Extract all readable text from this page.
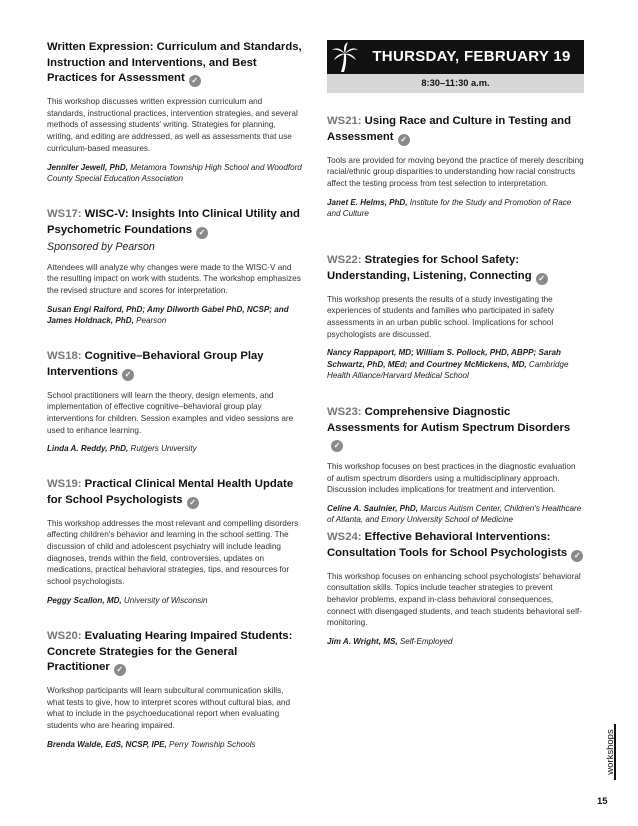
Written Expression: Curriculum and Standards, Instruction and Interventions, and Best Practices for Assessment ✓
This workshop discusses written expression curriculum and standards, instructional practices, intervention strategies, and several methods of assessing students' writing. Strategies for planning, writing, and editing are addressed, as well as assessments that use curriculum-based measures.
Jennifer Jewell, PhD, Metamora Township High School and Woodford County Special Education Association
WS17: WISC-V: Insights Into Clinical Utility and Psychometric Foundations ✓
Sponsored by Pearson
Attendees will analyze why changes were made to the WISC-V and the resulting impact on work with students. The workshop emphasizes the revised structure and scores for interpretation.
Susan Engi Raiford, PhD; Amy Dilworth Gabel PhD, NCSP; and James Holdnack, PhD, Pearson
WS18: Cognitive–Behavioral Group Play Interventions ✓
School practitioners will learn the theory, design elements, and implementation of effective cognitive–behavioral group play interventions for children. Session examples and video sessions are used to enhance learning.
Linda A. Reddy, PhD, Rutgers University
WS19: Practical Clinical Mental Health Update for School Psychologists ✓
This workshop addresses the most relevant and compelling disorders affecting children's behavior and learning in the school setting. The discussion of child and adolescent psychiatry will include leading diagnoses, trends within the field, controversies, updates on medications, practical behavioral strategies, tips, and resources for school psychologists.
Peggy Scallon, MD, University of Wisconsin
WS20: Evaluating Hearing Impaired Students: Concrete Strategies for the General Practitioner ✓
Workshop participants will learn subcultural communication skills, what tests to give, how to interpret scores without cultural bias, and what to include in the psychoeducational report when evaluating students who are hearing impaired.
Brenda Walde, EdS, NCSP, IPE, Perry Township Schools
THURSDAY, FEBRUARY 19
8:30–11:30 a.m.
WS21: Using Race and Culture in Testing and Assessment ✓
Tools are provided for moving beyond the practice of merely describing racial/ethnic group disparities to understanding how racial constructs affect the testing process from test selection to interpretation.
Janet E. Helms, PhD, Institute for the Study and Promotion of Race and Culture
WS22: Strategies for School Safety: Understanding, Listening, Connecting ✓
This workshop presents the results of a study investigating the experiences of students and families who participated in safety assessments in an urban public school. Implications for school psychologists are discussed.
Nancy Rappaport, MD; William S. Pollock, PHD, ABPP; Sarah Schwartz, PhD, MEd; and Courtney McMickens, MD, Cambridge Health Alliance/Harvard Medical School
WS23: Comprehensive Diagnostic Assessments for Autism Spectrum Disorders✓
This workshop focuses on best practices in the diagnostic evaluation of autism spectrum disorders using a multidisciplinary approach. Discussion includes implications for treatment and intervention.
Celine A. Saulnier, PhD, Marcus Autism Center, Children's Healthcare of Atlanta, and Emory University School of Medicine
WS24: Effective Behavioral Interventions: Consultation Tools for School Psychologists ✓
This workshop focuses on enhancing school psychologists' behavioral consultation skills. Topics include teacher strategies to prevent behavior problems, expand in-class behavioral consequences, connect with disengaged students, and teach students behavioral self-monitoring.
Jim A. Wright, MS, Self-Employed
workshops
15
